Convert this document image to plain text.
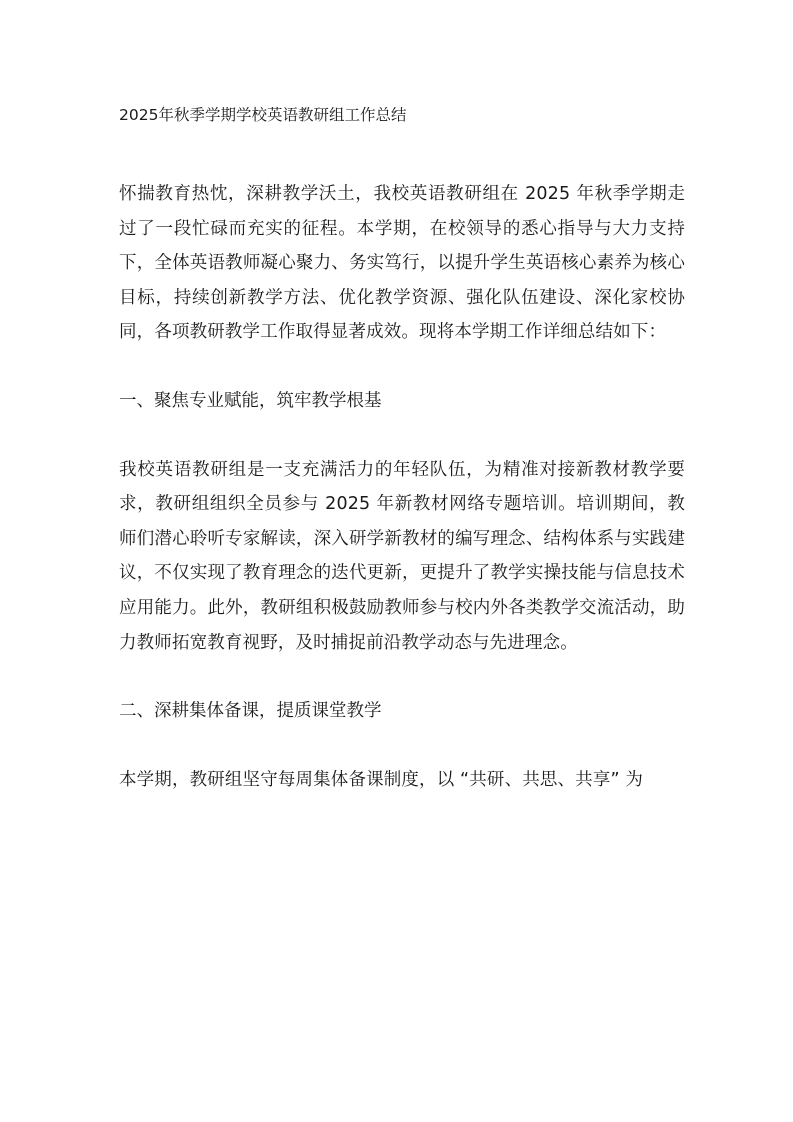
2025年秋季学期学校英语教研组工作总结

怀揣教育热忱，深耕教学沃土，我校英语教研组在 2025 年秋季学期走过了一段忙碌而充实的征程。本学期，在校领导的悉心指导与大力支持下，全体英语教师凝心聚力、务实笃行，以提升学生英语核心素养为核心目标，持续创新教学方法、优化教学资源、强化队伍建设、深化家校协同，各项教研教学工作取得显著成效。现将本学期工作详细总结如下：

一、聚焦专业赋能，筑牢教学根基

我校英语教研组是一支充满活力的年轻队伍，为精准对接新教材教学要求，教研组组织全员参与 2025 年新教材网络专题培训。培训期间，教师们潜心聆听专家解读，深入研学新教材的编写理念、结构体系与实践建议，不仅实现了教育理念的迭代更新，更提升了教学实操技能与信息技术应用能力。此外，教研组积极鼓励教师参与校内外各类教学交流活动，助力教师拓宽教育视野，及时捕捉前沿教学动态与先进理念。

二、深耕集体备课，提质课堂教学

本学期，教研组坚守每周集体备课制度，以 “共研、共思、共享” 为
